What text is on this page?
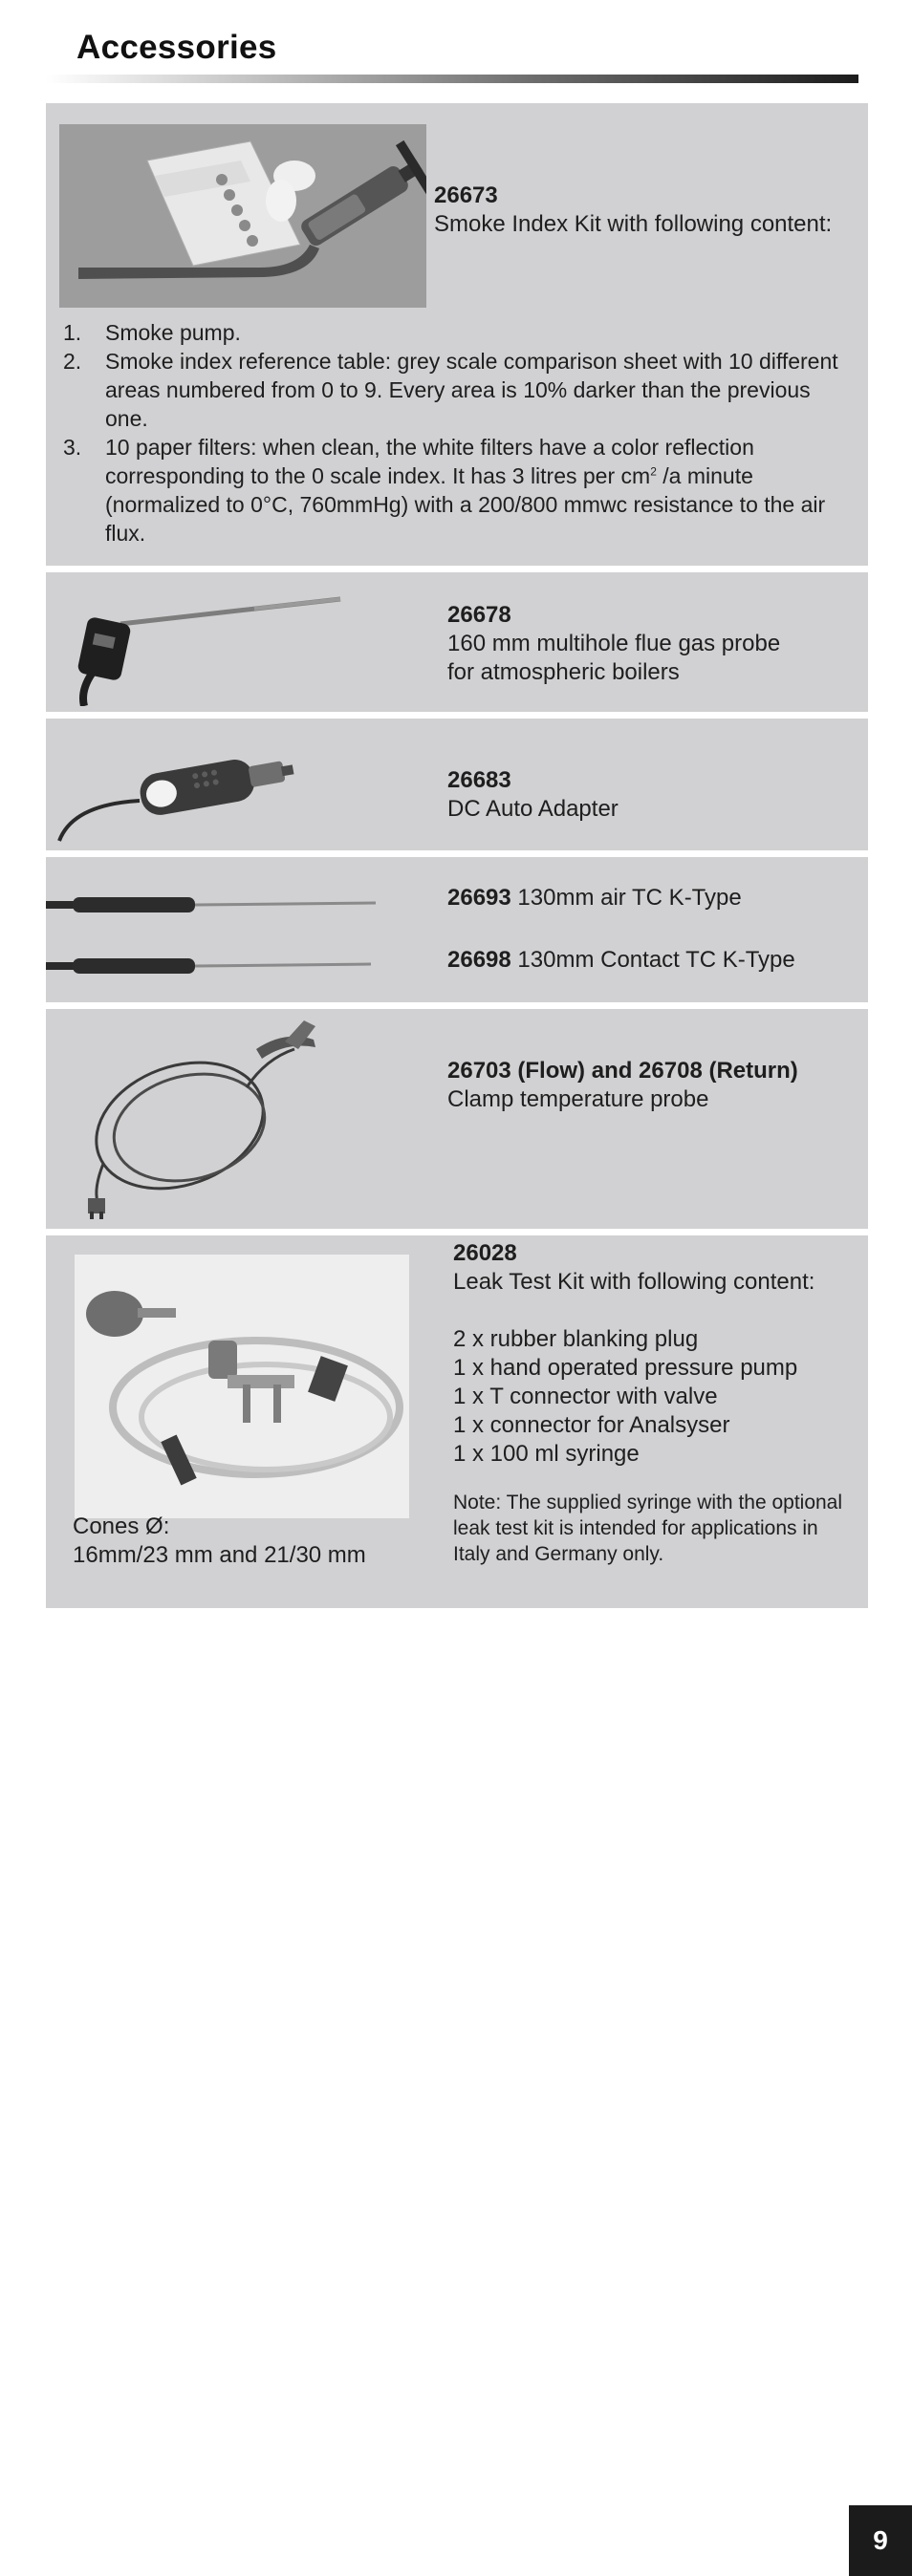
Accessories
26673
Smoke Index Kit with following content:
1. Smoke pump.
2. Smoke index reference table: grey scale comparison sheet with 10 different areas numbered from 0 to 9. Every area is 10% darker than the previous one.
3. 10 paper filters: when clean, the white filters have a color reflection corresponding to the 0 scale index. It has 3 litres per $cm^2$ /a minute (normalized to 0°C, 760mmHg) with a 200/800 mmwc resistance to the air flux.
26678
160 mm multihole flue gas probe
for atmospheric boilers
26683
DC Auto Adapter
26693 130mm air TC K-Type
26698 130mm Contact TC K-Type
26703 (Flow) and 26708 (Return)
Clamp temperature probe
Cones Ø:
16mm/23 mm and 21/30 mm
26028
Leak Test Kit with following content:
2 x rubber blanking plug
1 x hand operated pressure pump
1 x T connector with valve
1 x connector for Analsyser
1 x 100 ml syringe
Note: The supplied syringe with the optional leak test kit is intended for applications in Italy and Germany only.
9
